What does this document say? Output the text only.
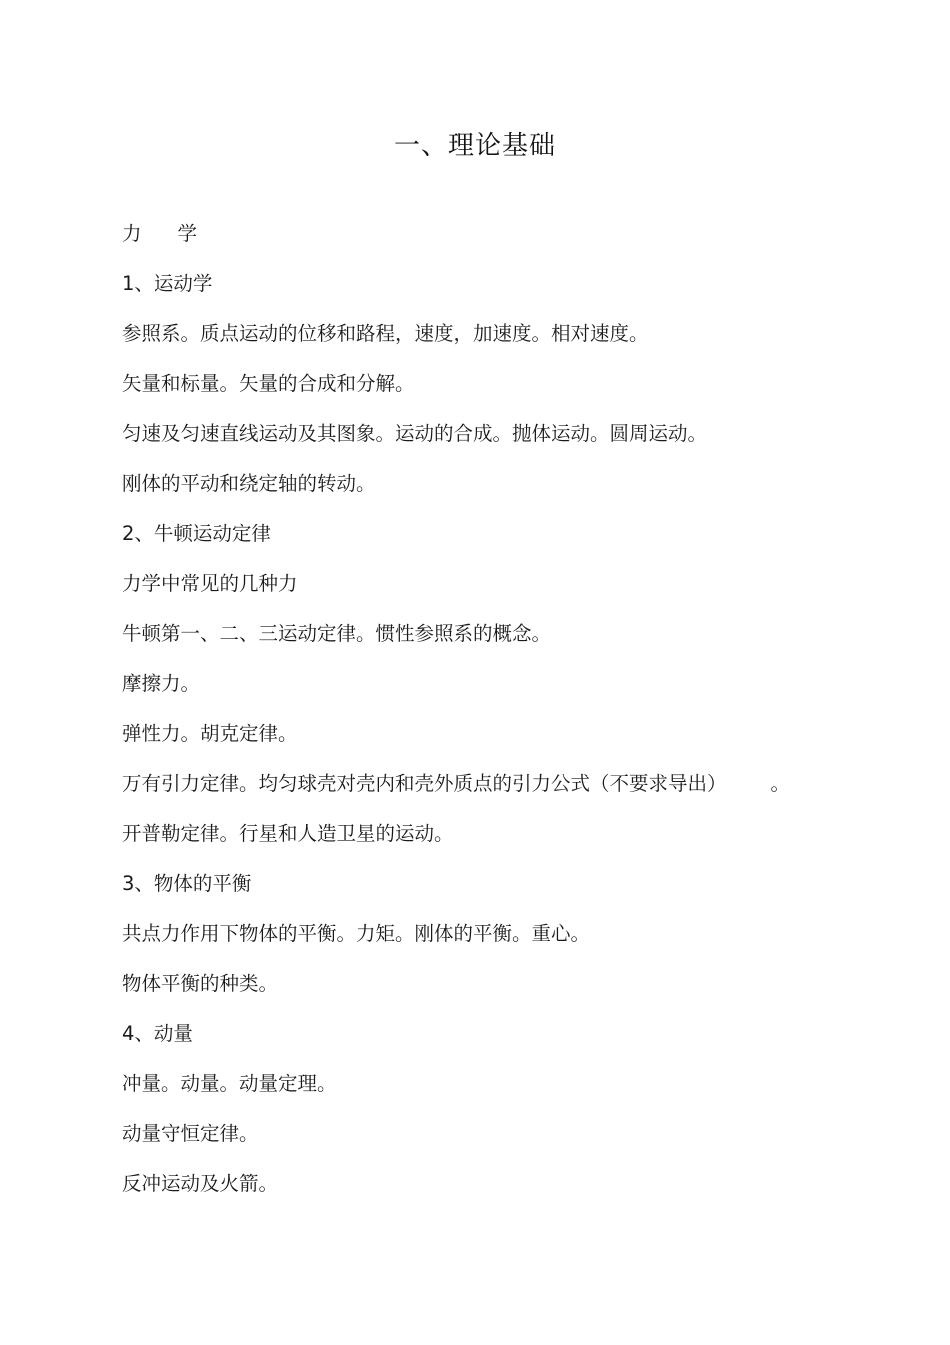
一、理论基础
力 学
1、运动学
参照系。质点运动的位移和路程，速度，加速度。相对速度。
矢量和标量。矢量的合成和分解。
匀速及匀速直线运动及其图象。运动的合成。抛体运动。圆周运动。
刚体的平动和绕定轴的转动。
2、牛顿运动定律
力学中常见的几种力
牛顿第一、二、三运动定律。惯性参照系的概念。
摩擦力。
弹性力。胡克定律。
万有引力定律。均匀球壳对壳内和壳外质点的引力公式（不要求导出） 。
开普勒定律。行星和人造卫星的运动。
3、物体的平衡
共点力作用下物体的平衡。力矩。刚体的平衡。重心。
物体平衡的种类。
4、动量
冲量。动量。动量定理。
动量守恒定律。
反冲运动及火箭。
